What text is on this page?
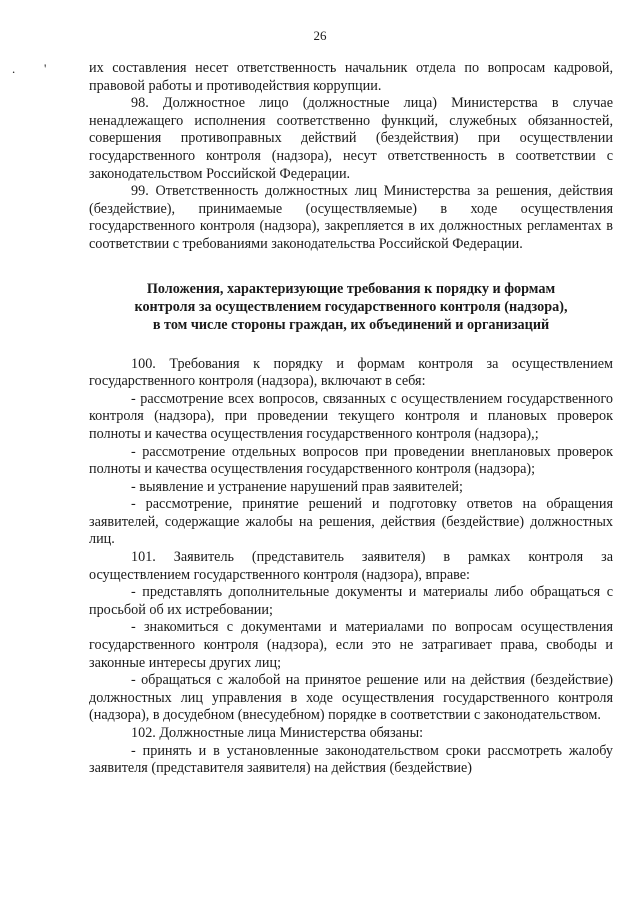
26
. '	их составления несет ответственность начальник отдела по вопросам кадровой, правовой работы и противодействия коррупции.

98. Должностное лицо (должностные лица) Министерства в случае ненадлежащего исполнения соответственно функций, служебных обязанностей, совершения противоправных действий (бездействия) при осуществлении государственного контроля (надзора), несут ответственность в соответствии с законодательством Российской Федерации.

99. Ответственность должностных лиц Министерства за решения, действия (бездействие), принимаемые (осуществляемые) в ходе осуществления государственного контроля (надзора), закрепляется в их должностных регламентах в соответствии с требованиями законодательства Российской Федерации.

Положения, характеризующие требования к порядку и формам
контроля за осуществлением государственного контроля (надзора),
в том числе стороны граждан, их объединений и организаций

100. Требования к порядку и формам контроля за осуществлением государственного контроля (надзора), включают в себя:

- рассмотрение всех вопросов, связанных с осуществлением государственного контроля (надзора), при проведении текущего контроля и плановых проверок полноты и качества осуществления государственного контроля (надзора),;

- рассмотрение отдельных вопросов при проведении внеплановых проверок полноты и качества осуществления государственного контроля (надзора);

- выявление и устранение нарушений прав заявителей;

- рассмотрение, принятие решений и подготовку ответов на обращения заявителей, содержащие жалобы на решения, действия (бездействие) должностных лиц.

101. Заявитель (представитель заявителя) в рамках контроля за осуществлением государственного контроля (надзора), вправе:

- представлять дополнительные документы и материалы либо обращаться с просьбой об их истребовании;

- знакомиться с документами и материалами по вопросам осуществления государственного контроля (надзора), если это не затрагивает права, свободы и законные интересы других лиц;

- обращаться с жалобой на принятое решение или на действия (бездействие) должностных лиц управления в ходе осуществления государственного контроля (надзора), в досудебном (внесудебном) порядке в соответствии с законодательством.

102. Должностные лица Министерства обязаны:

- принять и в установленные законодательством сроки рассмотреть жалобу заявителя (представителя заявителя) на действия (бездействие)
